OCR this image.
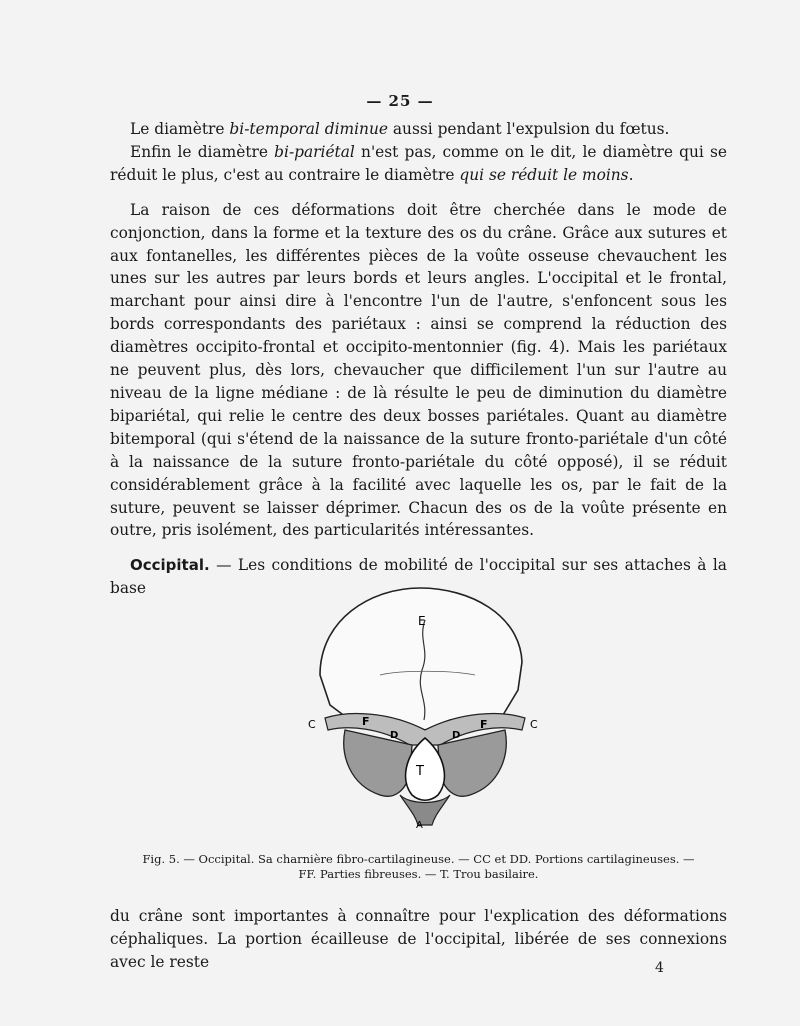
— 25 —

Le diamètre bi-temporal diminue aussi pendant l'expulsion du fœtus.

Enfin le diamètre bi-pariétal n'est pas, comme on le dit, le diamètre qui se réduit le plus, c'est au contraire le diamètre qui se réduit le moins.

La raison de ces déformations doit être cherchée dans le mode de conjonction, dans la forme et la texture des os du crâne. Grâce aux sutures et aux fontanelles, les différentes pièces de la voûte osseuse chevauchent les unes sur les autres par leurs bords et leurs angles. L'occipital et le frontal, marchant pour ainsi dire à l'encontre l'un de l'autre, s'enfoncent sous les bords correspondants des pariétaux : ainsi se comprend la réduction des diamètres occipito-frontal et occipito-mentonnier (fig. 4). Mais les pariétaux ne peuvent plus, dès lors, chevaucher que difficilement l'un sur l'autre au niveau de la ligne médiane : de là résulte le peu de diminution du diamètre bipariétal, qui relie le centre des deux bosses pariétales. Quant au diamètre bitemporal (qui s'étend de la naissance de la suture fronto-pariétale d'un côté à la naissance de la suture fronto-pariétale du côté opposé), il se réduit considérablement grâce à la facilité avec laquelle les os, par le fait de la suture, peuvent se laisser déprimer. Chacun des os de la voûte présente en outre, pris isolément, des particularités intéressantes.

Occipital. — Les conditions de mobilité de l'occipital sur ses attaches à la base

E
C	C
F	F
D	D
T
A
Fig. 5. — Occipital. Sa charnière fibro-cartilagineuse. — CC et DD. Portions cartilagineuses. —
FF. Parties fibreuses. — T. Trou basilaire.

du crâne sont importantes à connaître pour l'explication des déformations céphaliques. La portion écailleuse de l'occipital, libérée de ses connexions avec le reste	4
